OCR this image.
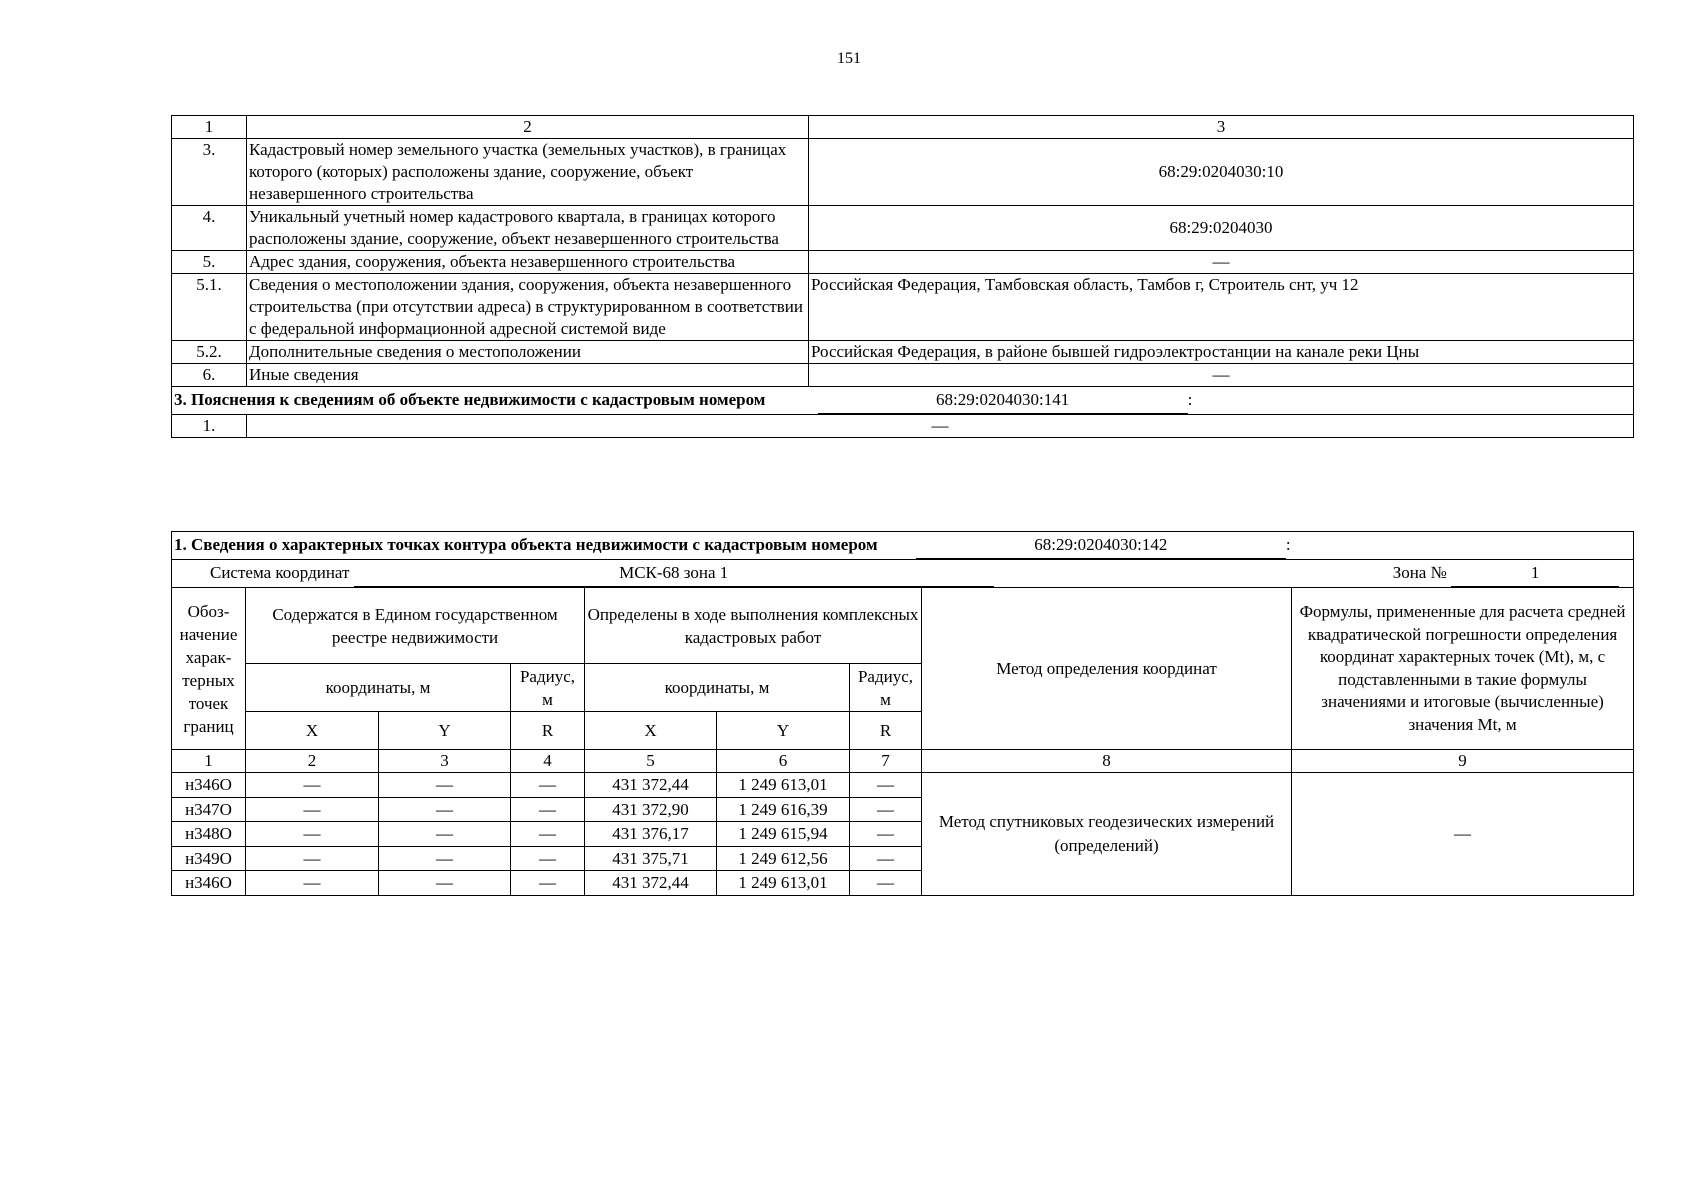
151
1	2	3
3.	Кадастровый номер земельного участка (земельных участков), в границах которого (которых) расположены здание, сооружение, объект незавершенного строительства	68:29:0204030:10
4.	Уникальный учетный номер кадастрового квартала, в границах которого расположены здание, сооружение, объект незавершенного строительства	68:29:0204030
5.	Адрес здания, сооружения, объекта незавершенного строительства	—
5.1.	Сведения о местоположении здания, сооружения, объекта незавершенного строительства (при отсутствии адреса) в структурированном в соответствии с федеральной информационной адресной системой виде	Российская Федерация, Тамбовская область, Тамбов г, Строитель снт, уч 12
5.2.	Дополнительные сведения о местоположении	Российская Федерация, в районе бывшей гидроэлектростанции на канале реки Цны
6.	Иные сведения	—
3. Пояснения к сведениям об объекте недвижимости с кадастровым номером 68:29:0204030:141 :		
1.	—	
1. Сведения о характерных точках контура объекта недвижимости с кадастровым номером 68:29:0204030:142 :								
Система координат МСК-68 зона 1 Зона № 1								

Обоз-начение харак-терных точек границ	Содержатся в Едином государственном реестре недвижимости			Определены в ходе выполнения комплексных кадастровых работ			Метод определения координат	Формулы, примененные для расчета средней квадратической погрешности определения координат характерных точек (Mt), м, с подставленными в такие формулы значениями и итоговые (вычисленные) значения Mt, м
	координаты, м		Радиус, м	координаты, м		Радиус, м		
	X	Y	R	X	Y	R		
1	2	3	4	5	6	7	8	9
н346О	—	—	—	431 372,44	1 249 613,01	—	Метод спутниковых геодезических измерений (определений)	—
н347О	—	—	—	431 372,90	1 249 616,39	—		
н348О	—	—	—	431 376,17	1 249 615,94	—		
н349О	—	—	—	431 375,71	1 249 612,56	—		
н346О	—	—	—	431 372,44	1 249 613,01	—		
